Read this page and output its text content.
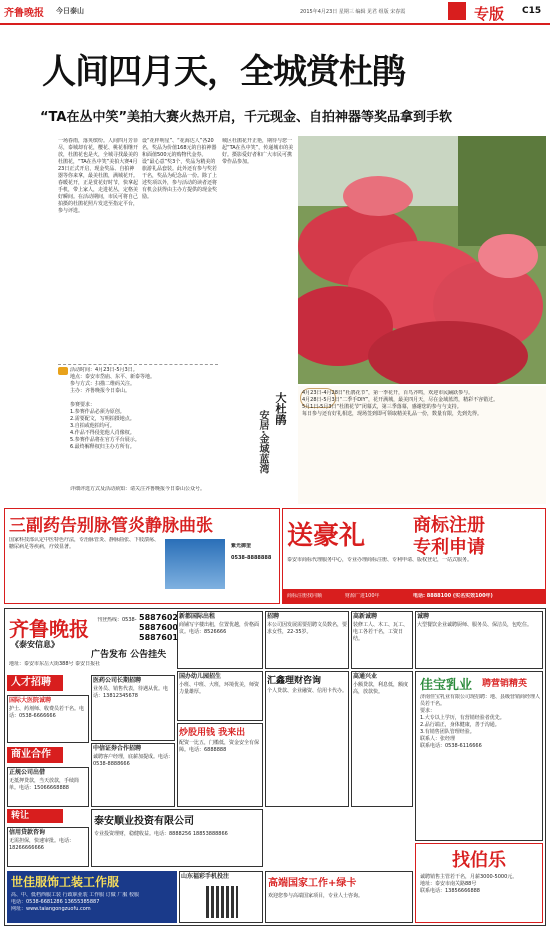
齐鲁晚报 今日泰山	2015年4月23日 星期三 编辑 见君 组版 宋春霞	专版 C15
人间四月天，全城赏杜鹃
“TA在丛中笑”美拍大赛火热开启，千元现金、自拍神器等奖品拿到手软
一场春雨，落英缤纷。人间四月芳菲尽，泰城却有花，樱花、桃花相继开放，杜鹃花也是火，全城寻找最美的杜鹃花，“TA在丛中笑”美拍大赛4月23日正式开启，现金奖品、自拍神器等你来拿，最美杜鹃，满城花开。春暖花开，正是赏花好时节，快拿起手机，带上家人，走进花丛，定格美好瞬间。在活动期间，市民可将自己拍摄的杜鹃花照片发送至指定平台，参与评选。
设“花样明星”、“花海达人”各20名，奖品为价值168元的自拍神器和面值500元的购物代金券。设“最心意”奖3个，奖品为精美的旅游礼品套装。此外还有参与奖若干名，奖品为纪念品一份。除了上述奖项以外，参与活动的读者还将有机会获得由主办方提供的现金奖励。
城区杜鹃花开正艳，期待与您一起“TA在丛中笑”，传递城市的美好。摄影爱好者和广大市民可携带作品参加。
活动时间：4月23日-5月3日。
地点：泰安市岱庙、东平、新泰等地。
参与方式：扫描二维码关注。
主办：齐鲁晚报今日泰山。

参赛要求：
1.参赛作品必须为原创。
2.需要配文，写明拍摄地点。
3.自拍或他拍均可。
4.作品不得侵犯他人肖像权。
5.参赛作品将在官方平台展示。
6.最终解释权归主办方所有。
详细评选方式及活动须知：请关注齐鲁晚报今日泰山公众号。
大杜鹃
安居·金域蓝湾
4月23日-4月28日“杜鹃花节”，第一季花开，百鸟齐鸣，欢迎市民踊跃参与。
4月28日-5月3日“二季手DIY”，花开满城，最美四月天，尽在金域蓝湾，精彩不容错过。
5月1日-5月3日“杜鹃花节”闭幕式，第三季落幕，感谢您的参与与支持。
每日参与还有好礼相送，现场签到即可领取精美礼品一份，数量有限，先到先得。
三副药告别脉管炎静脉曲张
国家科技部认定中医特色疗法，专治脉管炎、静脉曲张、下肢溃疡、糖尿病足等疾病，疗效显著。	紫光御奎
0538-8888888
送豪礼	商标注册
专利申请
泰安市商标代理服务中心，专业办理商标注册、专利申请、版权登记，一站式服务。
商标注册找同顺	财源广进100年	电话: 8888100 (实名实效100年)
齐鲁晚报
《泰安信息》
刊登热线：0538- 5887602
5887600
5887601
广告发布 公告挂失
地址：泰安市东岳大街388号 泰安日报社
人才招聘
商业合作
转让
国际大医院诚聘
护士、药剂师、收费员若干名。电话：0538-6666666
正规公司出借
无抵押贷款，当天放款，手续简单。电话：15066668888
信用贷款咨询
无需担保，快速审批。电话：18266666666
医药公司长期招聘
业务员、销售代表，待遇从优。电话：13812345678
中信证券合作招聘
诚聘客户经理，底薪加提成。电话：0538-8888666
泰安顺业投资有限公司
专业投资理财，稳健收益。电话：8888256 18853888866
新都国际出租
商铺写字楼出租，位置优越，价格面议。电话：8526666
国办幼儿园招生
小班、中班、大班，环境优美，师资力量雄厚。
炒股用钱 我来出
配资一比五，门槛低，资金安全有保障。电话：6888888
招聘
本公司因发展需要招聘文员数名，要求女性，22-35岁。
汇鑫理财咨询
个人贷款、企业融资、信用卡代办。
高新诚聘
装修工人、木工、瓦工、电工各若干名，工资日结。
高通兴业
小额贷款，利息低，额度高，放款快。
诚聘
大型餐饮企业诚聘厨师、服务员、保洁员，包吃住。
佳宝乳业 聘营销精英
济南佳宝乳业有限公司现招聘：地、县级营销商经理人员若干名。
要求：
1.大专以上学历，有营销经验者优先。
2.品行端正，身体健康，善于沟通。
3.有销售团队管理经验。
联系人：张经理
联系电话：0538-6116666
世佳服饰工装工作服
高、中、低档西服工装 行政职业装 工作服 订做 厂服 校服
电话：0538-6681286 13655385887
网址：www.taiangongzuofu.com
山东福彩手机投注
高端国家工作+绿卡
欢迎您参与高端国家项目，专业人士咨询。
找伯乐
诚聘销售主管若干名，月薪3000-5000元。
地址：泰安市南关路88号
联系电话：13856666888
